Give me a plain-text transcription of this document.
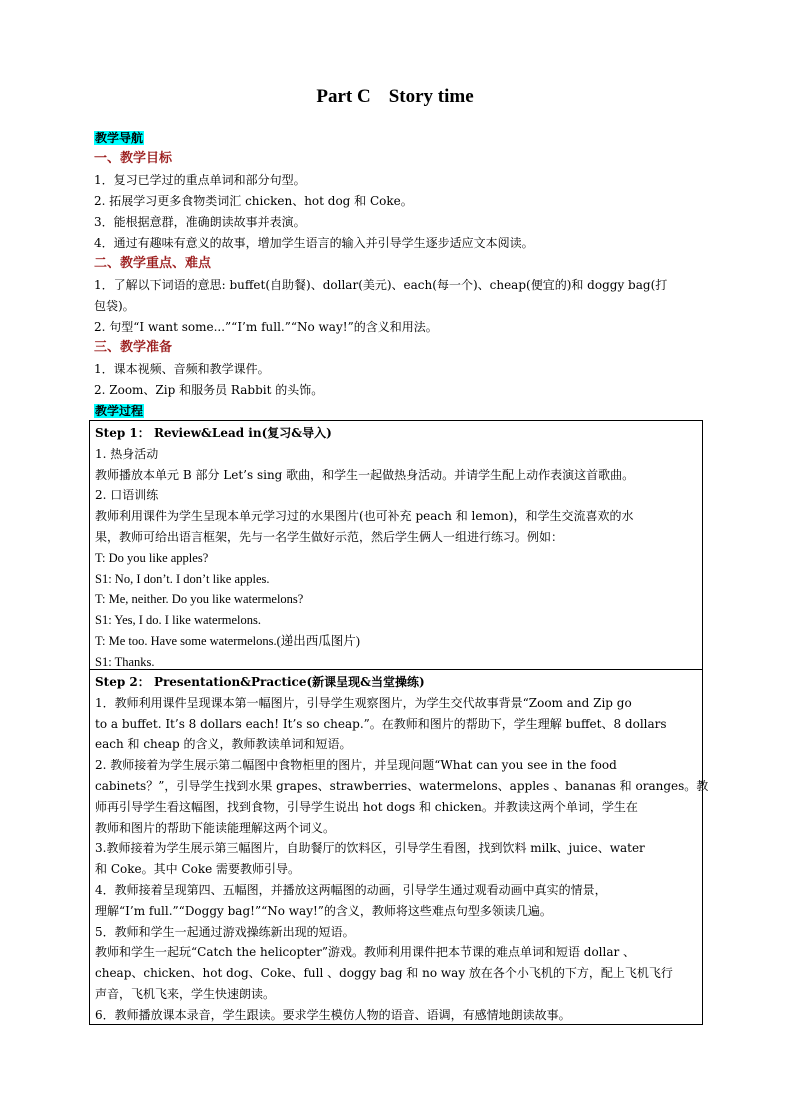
Part C Story time
教学导航
一、教学目标
1．复习已学过的重点单词和部分句型。
2. 拓展学习更多食物类词汇 chicken、hot dog 和 Coke。
3．能根据意群，准确朗读故事并表演。
4．通过有趣味有意义的故事，增加学生语言的输入并引导学生逐步适应文本阅读。
二、教学重点、难点
1．了解以下词语的意思: buffet(自助餐)、dollar(美元)、each(每一个)、cheap(便宜的)和 doggy bag(打
包袋)。
2. 句型“I want some...”“I’m full.”“No way!”的含义和用法。
三、教学准备
1．课本视频、音频和教学课件。
2. Zoom、Zip 和服务员 Rabbit 的头饰。
教学过程

Step 1： Review&Lead in(复习&导入)

1. 热身活动

教师播放本单元 B 部分 Let’s sing 歌曲，和学生一起做热身活动。并请学生配上动作表演这首歌曲。

2. 口语训练

教师利用课件为学生呈现本单元学习过的水果图片(也可补充 peach 和 lemon)，和学生交流喜欢的水

果，教师可给出语言框架，先与一名学生做好示范，然后学生俩人一组进行练习。例如：

T: Do you like apples?

S1: No, I don’t. I don’t like apples.

T: Me, neither. Do you like watermelons?

S1: Yes, I do. I like watermelons.

T: Me too. Have some watermelons.(递出西瓜图片)

S1: Thanks.

Step 2： Presentation&Practice(新课呈现&当堂操练)

1．教师利用课件呈现课本第一幅图片，引导学生观察图片，为学生交代故事背景“Zoom and Zip go

to a buffet. It’s 8 dollars each! It’s so cheap.”。在教师和图片的帮助下，学生理解 buffet、8 dollars

each 和 cheap 的含义，教师教读单词和短语。

2. 教师接着为学生展示第二幅图中食物柜里的图片，并呈现问题“What can you see in the food

cabinets？”，引导学生找到水果 grapes、strawberries、watermelons、apples 、bananas 和 oranges。教

师再引导学生看这幅图，找到食物，引导学生说出 hot dogs 和 chicken。并教读这两个单词，学生在

教师和图片的帮助下能读能理解这两个词义。

3.教师接着为学生展示第三幅图片，自助餐厅的饮料区，引导学生看图，找到饮料 milk、juice、water

和 Coke。其中 Coke 需要教师引导。

4．教师接着呈现第四、五幅图，并播放这两幅图的动画，引导学生通过观看动画中真实的情景，

理解“I’m full.”“Doggy bag!”“No way!”的含义，教师将这些难点句型多领读几遍。

5．教师和学生一起通过游戏操练新出现的短语。

教师和学生一起玩“Catch the helicopter”游戏。教师利用课件把本节课的难点单词和短语 dollar 、

cheap、chicken、hot dog、Coke、full 、doggy bag 和 no way 放在各个小飞机的下方，配上飞机飞行

声音，飞机飞来，学生快速朗读。

6．教师播放课本录音，学生跟读。要求学生模仿人物的语音、语调，有感情地朗读故事。
